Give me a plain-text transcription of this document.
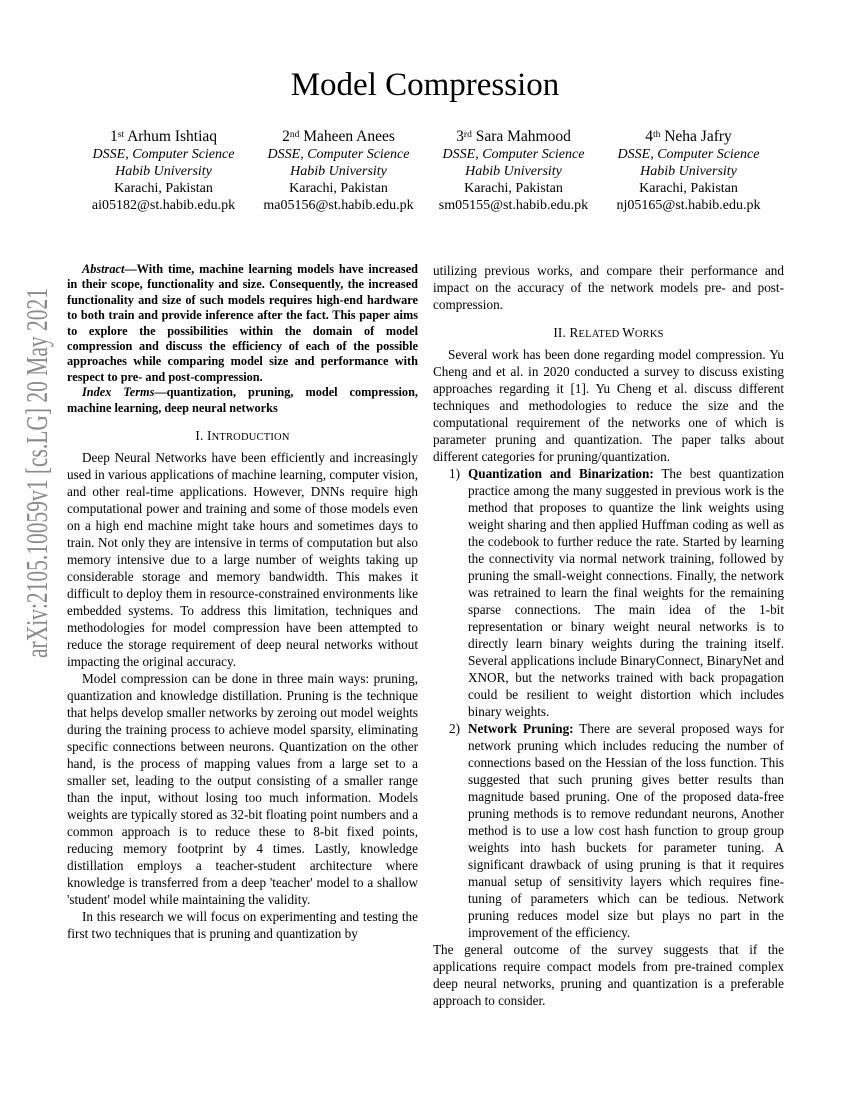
arXiv:2105.10059v1 [cs.LG] 20 May 2021
Model Compression
1st Arhum Ishtiaq
DSSE, Computer Science
Habib University
Karachi, Pakistan
ai05182@st.habib.edu.pk
2nd Maheen Anees
DSSE, Computer Science
Habib University
Karachi, Pakistan
ma05156@st.habib.edu.pk
3rd Sara Mahmood
DSSE, Computer Science
Habib University
Karachi, Pakistan
sm05155@st.habib.edu.pk
4th Neha Jafry
DSSE, Computer Science
Habib University
Karachi, Pakistan
nj05165@st.habib.edu.pk

Abstract—With time, machine learning models have increased in their scope, functionality and size. Consequently, the increased functionality and size of such models requires high-end hardware to both train and provide inference after the fact. This paper aims to explore the possibilities within the domain of model compression and discuss the efficiency of each of the possible approaches while comparing model size and performance with respect to pre- and post-compression.

Index Terms—quantization, pruning, model compression, machine learning, deep neural networks

I. INTRODUCTION

Deep Neural Networks have been efficiently and increasingly used in various applications of machine learning, computer vision, and other real-time applications. However, DNNs require high computational power and training and some of those models even on a high end machine might take hours and sometimes days to train. Not only they are intensive in terms of computation but also memory intensive due to a large number of weights taking up considerable storage and memory bandwidth. This makes it difficult to deploy them in resource-constrained environments like embedded systems. To address this limitation, techniques and methodologies for model compression have been attempted to reduce the storage requirement of deep neural networks without impacting the original accuracy.

Model compression can be done in three main ways: pruning, quantization and knowledge distillation. Pruning is the technique that helps develop smaller networks by zeroing out model weights during the training process to achieve model sparsity, eliminating specific connections between neurons. Quantization on the other hand, is the process of mapping values from a large set to a smaller set, leading to the output consisting of a smaller range than the input, without losing too much information. Models weights are typically stored as 32-bit floating point numbers and a common approach is to reduce these to 8-bit fixed points, reducing memory footprint by 4 times. Lastly, knowledge distillation employs a teacher-student architecture where knowledge is transferred from a deep 'teacher' model to a shallow 'student' model while maintaining the validity.

In this research we will focus on experimenting and testing the first two techniques that is pruning and quantization by

utilizing previous works, and compare their performance and impact on the accuracy of the network models pre- and post-compression.

II. RELATED WORKS

Several work has been done regarding model compression. Yu Cheng and et al. in 2020 conducted a survey to discuss existing approaches regarding it [1]. Yu Cheng et al. discuss different techniques and methodologies to reduce the size and the computational requirement of the networks one of which is parameter pruning and quantization. The paper talks about different categories for pruning/quantization.

1) Quantization and Binarization: The best quantization practice among the many suggested in previous work is the method that proposes to quantize the link weights using weight sharing and then applied Huffman coding as well as the codebook to further reduce the rate. Started by learning the connectivity via normal network training, followed by pruning the small-weight connections. Finally, the network was retrained to learn the final weights for the remaining sparse connections. The main idea of the 1-bit representation or binary weight neural networks is to directly learn binary weights during the training itself. Several applications include BinaryConnect, BinaryNet and XNOR, but the networks trained with back propagation could be resilient to weight distortion which includes binary weights.
2) Network Pruning: There are several proposed ways for network pruning which includes reducing the number of connections based on the Hessian of the loss function. This suggested that such pruning gives better results than magnitude based pruning. One of the proposed data-free pruning methods is to remove redundant neurons, Another method is to use a low cost hash function to group group weights into hash buckets for parameter tuning. A significant drawback of using pruning is that it requires manual setup of sensitivity layers which requires fine-tuning of parameters which can be tedious. Network pruning reduces model size but plays no part in the improvement of the efficiency.

The general outcome of the survey suggests that if the applications require compact models from pre-trained complex deep neural networks, pruning and quantization is a preferable approach to consider.
